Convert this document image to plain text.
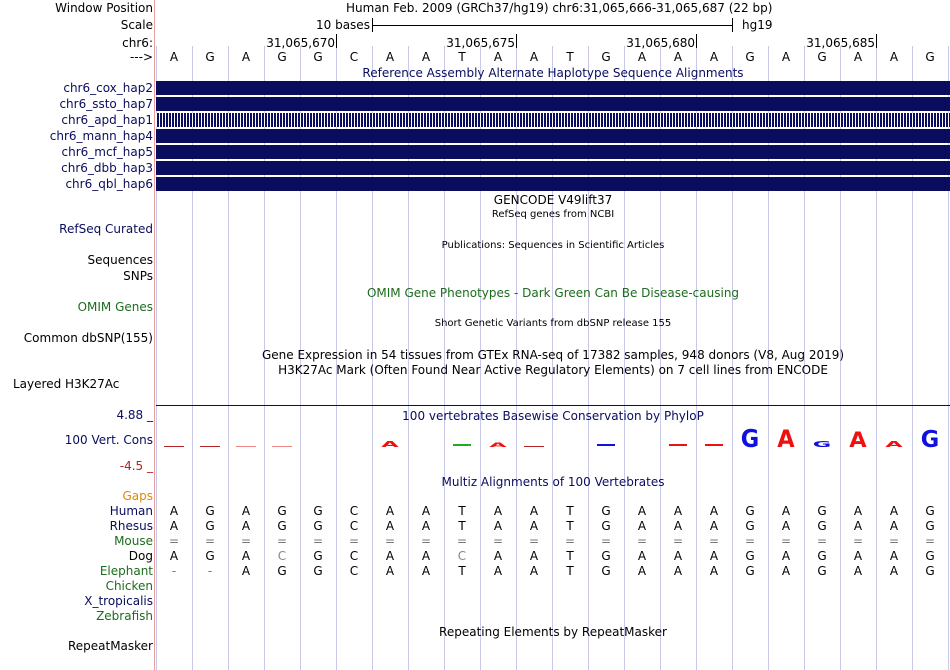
Window Position	Human Feb. 2009 (GRCh37/hg19) chr6:31,065,666-31,065,687 (22 bp)
Scale	10 bases	hg19
chr6:	31,065,670	31,065,675	31,065,680	31,065,685
--->	A	G	A	G	G	C	A	A	T	A	A	T	G	A	A	A	G	A	G	A	A	G
Reference Assembly Alternate Haplotype Sequence Alignments
chr6_cox_hap2
chr6_ssto_hap7
chr6_apd_hap1
chr6_mann_hap4
chr6_mcf_hap5
chr6_dbb_hap3
chr6_qbl_hap6
GENCODE V49lift37
RefSeq genes from NCBI
RefSeq Curated
Publications: Sequences in Scientific Articles
Sequences
SNPs
OMIM Gene Phenotypes - Dark Green Can Be Disease-causing
OMIM Genes
Short Genetic Variants from dbSNP release 155
Common dbSNP(155)
Gene Expression in 54 tissues from GTEx RNA-seq of 17382 samples, 948 donors (V8, Aug 2019)
H3K27Ac Mark (Often Found Near Active Regulatory Elements) on 7 cell lines from ENCODE
Layered H3K27Ac
100 vertebrates Basewise Conservation by PhyloP
4.88 _
100 Vert. Cons
-4.5 _
A	A	G A G A A G
Multiz Alignments of 100 Vertebrates
Gaps
Human	A	G	A	G	G	C	A	A	T	A	A	T	G	A	A	A	G	A	G	A	A	G
Rhesus	A	G	A	G	G	C	A	A	T	A	A	T	G	A	A	A	G	A	G	A	A	G
Mouse	=	=	=	=	=	=	=	=	=	=	=	=	=	=	=	=	=	=	=	=	=	=
Dog	A	G	A	C	G	C	A	A	C	A	A	T	G	A	A	A	G	A	G	A	A	G
Elephant	-	-	A	G	G	C	A	A	T	A	A	T	G	A	A	A	G	A	G	A	A	G
Chicken
X_tropicalis
Zebrafish
Repeating Elements by RepeatMasker
RepeatMasker
